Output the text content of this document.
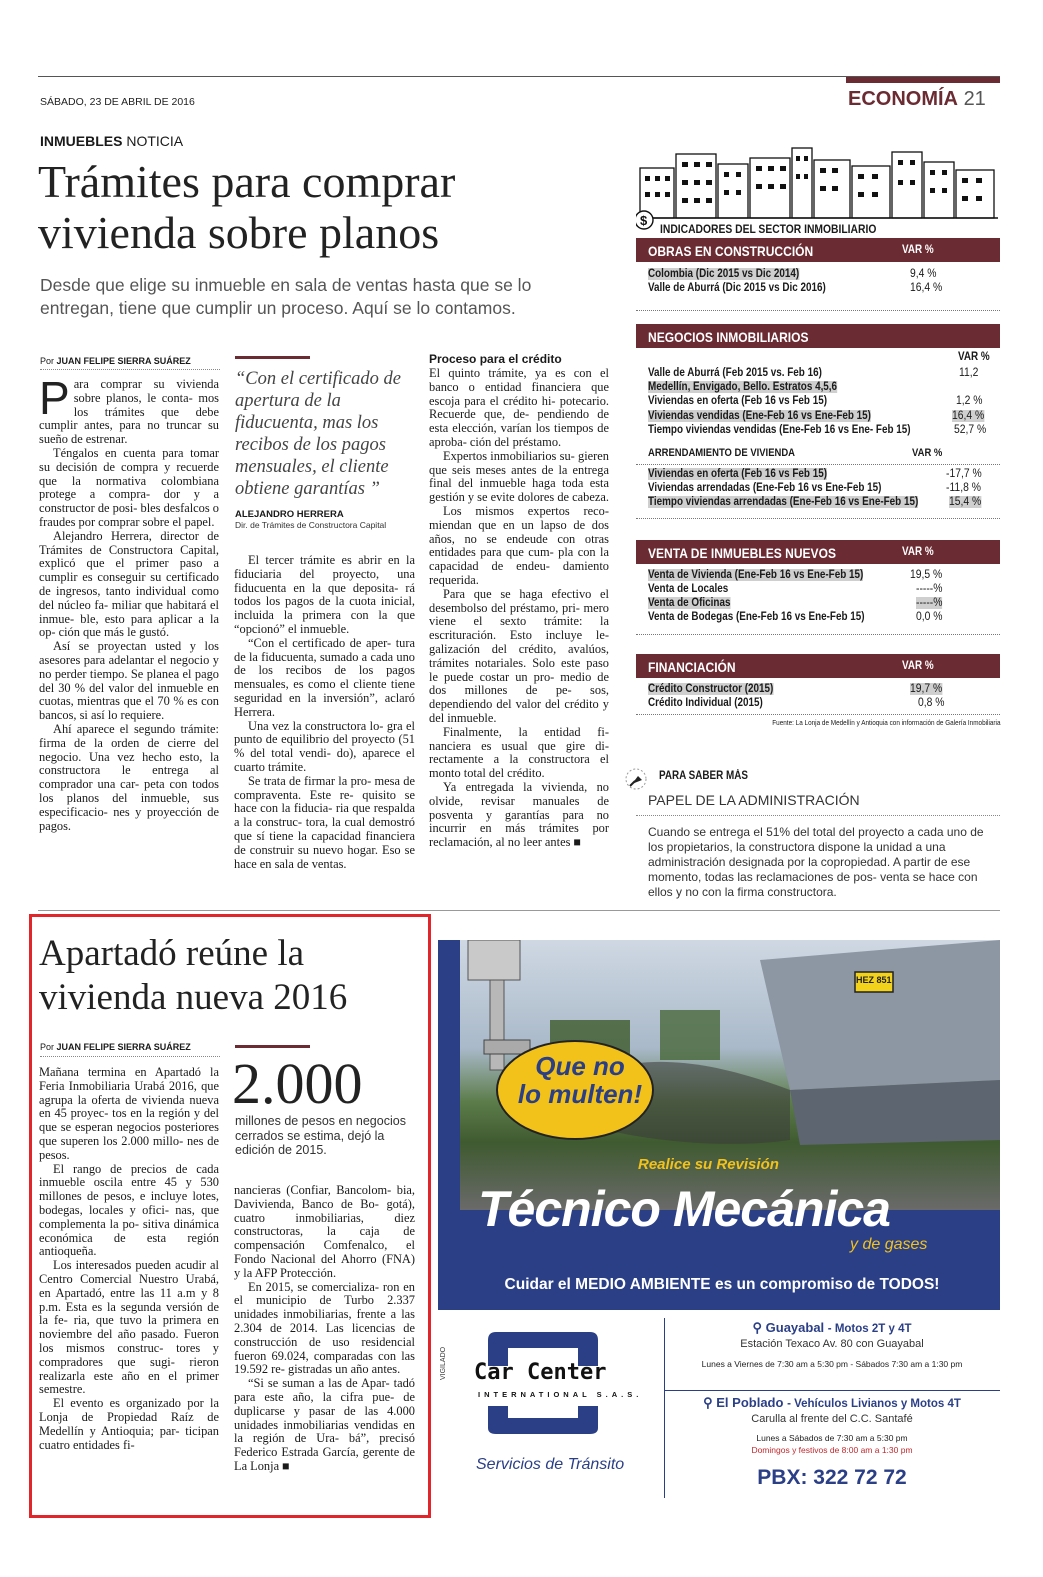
SÁBADO, 23 DE ABRIL DE 2016	ECONOMÍA 21
INMUEBLES NOTICIA
Trámites para comprar
vivienda sobre planos
Desde que elige su inmueble en sala de ventas hasta que se lo entregan, tiene que cumplir un proceso. Aquí se lo contamos.
Por JUAN FELIPE SIERRA SUÁREZ
P ara comprar su vivienda sobre planos, le conta- mos los trámites que debe cumplir antes, para no truncar su sueño de estrenar.

Téngalos en cuenta para tomar su decisión de compra y recuerde que la normativa colombiana protege a compra- dor y a constructor de posi- bles desfalcos o fraudes por comprar sobre el papel.

Alejandro Herrera, director de Trámites de Constructora Capital, explicó que el primer paso a cumplir es conseguir su certificado de ingresos, tanto individual como del núcleo fa- miliar que habitará el inmue- ble, esto para aplicar a la op- ción que más le gustó.

Así se proyectan usted y los asesores para adelantar el negocio y no perder tiempo. Se planea el pago del 30 % del valor del inmueble en cuotas, mientras que el 70 % es con bancos, si así lo requiere.

Ahí aparece el segundo trámite: firma de la orden de cierre del negocio. Una vez hecho esto, la constructora le entrega al comprador una car- peta con todos los planos del inmueble, sus especificacio- nes y proyección de pagos.

“Con el certificado de apertura de la fiducuenta, mas los recibos de los pagos mensuales, el cliente obtiene garantías ”
ALEJANDRO HERRERA
Dir. de Trámites de Constructora Capital

El tercer trámite es abrir en la fiduciaria del proyecto, una fiducuenta en la que deposita- rá todos los pagos de la cuota inicial, incluida la primera con la que “opcionó” el inmueble.

“Con el certificado de aper- tura de la fiducuenta, sumado a cada uno de los recibos de los pagos mensuales, es como el cliente tiene seguridad en la inversión”, aclaró Herrera.

Una vez la constructora lo- gra el punto de equilibrio del proyecto (51 % del total vendi- do), aparece el cuarto trámite.

Se trata de firmar la pro- mesa de compraventa. Este re- quisito se hace con la fiducia- ria que respalda a la construc- tora, la cual demostró que sí tiene la capacidad financiera de construir su nuevo hogar. Eso se hace en sala de ventas.

Proceso para el crédito

El quinto trámite, ya es con el banco o entidad financiera que escoja para el crédito hi- potecario. Recuerde que, de- pendiendo de esta elección, varían los tiempos de aproba- ción del préstamo.

Expertos inmobiliarios su- gieren que seis meses antes de la entrega final del inmueble haga toda esta gestión y se evite dolores de cabeza.

Los mismos expertos reco- miendan que en un lapso de dos años, no se endeude con otras entidades para que cum- pla con la capacidad de endeu- damiento requerida.

Para que se haga efectivo el desembolso del préstamo, pri- mero viene el sexto trámite: la escrituración. Esto incluye le- galización del crédito, avalúos, trámites notariales. Solo este paso le puede costar un pro- medio de dos millones de pe- sos, dependiendo del valor del crédito y del inmueble.

Finalmente, la entidad fi- nanciera es usual que gire di- rectamente a la constructora el monto total del crédito.

Ya entregada la vivienda, no olvide, revisar manuales de posventa y garantías para no incurrir en más trámites por reclamación, al no leer antes ■

$
INDICADORES DEL SECTOR INMOBILIARIO
OBRAS EN CONSTRUCCIÓN	VAR %
Colombia (Dic 2015 vs Dic 2014)	9,4 %
Valle de Aburrá (Dic 2015 vs Dic 2016)	16,4 %
NEGOCIOS INMOBILIARIOS
VAR %
Valle de Aburrá (Feb 2015 vs. Feb 16)	11,2
Medellín, Envigado, Bello. Estratos 4,5,6
Viviendas en oferta (Feb 16 vs Feb 15)	1,2 %
Viviendas vendidas (Ene-Feb 16 vs Ene-Feb 15)	16,4 %
Tiempo viviendas vendidas (Ene-Feb 16 vs Ene- Feb 15)	52,7 %
ARRENDAMIENTO DE VIVIENDA	VAR %
Viviendas en oferta (Feb 16 vs Feb 15)	-17,7 %
Viviendas arrendadas (Ene-Feb 16 vs Ene-Feb 15)	-11,8 %
Tiempo viviendas arrendadas (Ene-Feb 16 vs Ene-Feb 15)	15,4 %
VENTA DE INMUEBLES NUEVOS	VAR %
Venta de Vivienda (Ene-Feb 16 vs Ene-Feb 15)	19,5 %
Venta de Locales	-----%
Venta de Oficinas	-----%
Venta de Bodegas (Ene-Feb 16 vs Ene-Feb 15)	0,0 %
FINANCIACIÓN	VAR %
Crédito Constructor (2015)	19,7 %
Crédito Individual (2015)	0,8 %
Fuente: La Lonja de Medellín y Antioquia con información de Galería Inmobiliaria
PARA SABER MÁS
PAPEL DE LA ADMINISTRACIÓN
Cuando se entrega el 51% del total del proyecto a cada uno de los propietarios, la constructora dispone la unidad a una administración designada por la copropiedad. A partir de ese momento, todas las reclamaciones de pos- venta se hace con ellos y no con la firma constructora.
Apartadó reúne la
vivienda nueva 2016
Por JUAN FELIPE SIERRA SUÁREZ

Mañana termina en Apartadó la Feria Inmobiliaria Urabá 2016, que agrupa la oferta de vivienda nueva en 45 proyec- tos en la región y del que se esperan negocios posteriores que superen los 2.000 millo- nes de pesos.

El rango de precios de cada inmueble oscila entre 45 y 530 millones de pesos, e incluye lotes, bodegas, locales y ofici- nas, que complementa la po- sitiva dinámica económica de esta región antioqueña.

Los interesados pueden acudir al Centro Comercial Nuestro Urabá, en Apartadó, entre las 11 a.m y 8 p.m. Esta es la segunda versión de la fe- ria, que tuvo la primera en noviembre del año pasado. Fueron los mismos construc- tores y compradores que sugi- rieron realizarla este año en el primer semestre.

El evento es organizado por la Lonja de Propiedad Raíz de Medellín y Antioquia; par- ticipan cuatro entidades fi-

2.000
millones de pesos en negocios cerrados se estima, dejó la edición de 2015.

nancieras (Confiar, Bancolom- bia, Davivienda, Banco de Bo- gotá), cuatro inmobiliarias, diez constructoras, la caja de compensación Comfenalco, el Fondo Nacional del Ahorro (FNA) y la AFP Protección.

En 2015, se comercializa- ron en el municipio de Turbo 2.337 unidades inmobiliarias, frente a las 2.304 de 2014. Las licencias de construcción de uso residencial fueron 69.024, comparadas con las 19.592 re- gistradas un año antes.

“Si se suman a las de Apar- tadó para este año, la cifra pue- de duplicarse y pasar de las 4.000 unidades inmobiliarias vendidas en la región de Ura- bá”, precisó Federico Estrada García, gerente de La Lonja ■

HEZ 851
Que no
lo multen!
Realice su Revisión
Técnico Mecánica
y de gases
Cuidar el MEDIO AMBIENTE es un compromiso de TODOS!
VIGILADO Car Center
INTERNATIONAL S.A.S.
Servicios de Tránsito
⚲ Guayabal - Motos 2T y 4T
Estación Texaco Av. 80 con Guayabal
Lunes a Viernes de 7:30 am a 5:30 pm - Sábados 7:30 am a 1:30 pm
⚲ El Poblado - Vehículos Livianos y Motos 4T
Carulla al frente del C.C. Santafé
Lunes a Sábados de 7:30 am a 5:30 pm
Domingos y festivos de 8:00 am a 1:30 pm
PBX: 322 72 72
